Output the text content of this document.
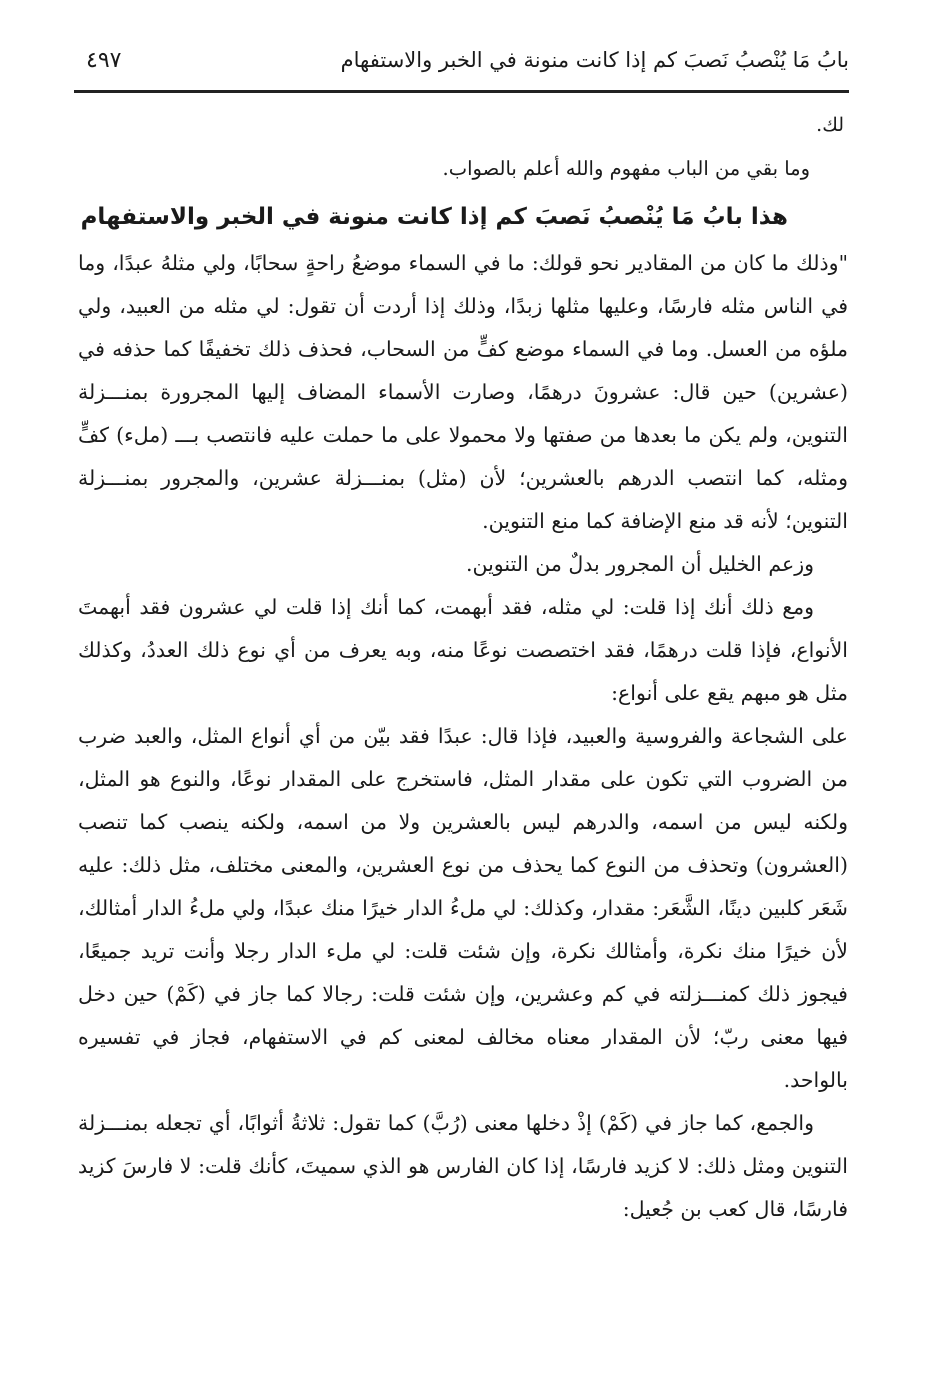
بابُ مَا يُنْصبُ نَصبَ كم إذا كانت منونة في الخبر والاستفهام
٤٩٧

لك.

وما بقي من الباب مفهوم والله أعلم بالصواب.

هذا بابُ مَا يُنْصبُ نَصبَ كم إذا كانت منونة في الخبر والاستفهام

"وذلك ما كان من المقادير نحو قولك: ما في السماء موضعُ راحةٍ سحابًا، ولي مثلهُ عبدًا، وما في الناس مثله فارسًا، وعليها مثلها زبدًا، وذلك إذا أردت أن تقول: لي مثله من العبيد، ولي ملؤه من العسل. وما في السماء موضع كفٍّ من السحاب، فحذف ذلك تخفيفًا كما حذفه في (عشرين) حين قال: عشرونَ درهمًا، وصارت الأسماء المضاف إليها المجرورة بمنـــزلة التنوين، ولم يكن ما بعدها من صفتها ولا محمولا على ما حملت عليه فانتصب بـــ (ملء) كفٍّ ومثله، كما انتصب الدرهم بالعشرين؛ لأن (مثل) بمنـــزلة عشرين، والمجرور بمنـــزلة التنوين؛ لأنه قد منع الإضافة كما منع التنوين.

وزعم الخليل أن المجرور بدلٌ من التنوين.

ومع ذلك أنك إذا قلت: لي مثله، فقد أبهمت، كما أنك إذا قلت لي عشرون فقد أبهمتَ الأنواع، فإذا قلت درهمًا، فقد اختصصت نوعًا منه، وبه يعرف من أي نوع ذلك العددُ، وكذلك مثل هو مبهم يقع على أنواع:

على الشجاعة والفروسية والعبيد، فإذا قال: عبدًا فقد بيّن من أي أنواع المثل، والعبد ضرب من الضروب التي تكون على مقدار المثل، فاستخرج على المقدار نوعًا، والنوع هو المثل، ولكنه ليس من اسمه، والدرهم ليس بالعشرين ولا من اسمه، ولكنه ينصب كما تنصب (العشرون) وتحذف من النوع كما يحذف من نوع العشرين، والمعنى مختلف، مثل ذلك: عليه شَعَر كلبين دينًا، الشَّعَر: مقدار، وكذلك: لي ملءُ الدار خيرًا منك عبدًا، ولي ملءُ الدار أمثالك، لأن خيرًا منك نكرة، وأمثالك نكرة، وإن شئت قلت: لي ملء الدار رجلا وأنت تريد جميعًا، فيجوز ذلك كمنـــزلته في كم وعشرين، وإن شئت قلت: رجالا كما جاز في (كَمْ) حين دخل فيها معنى ربّ؛ لأن المقدار معناه مخالف لمعنى كم في الاستفهام، فجاز في تفسيره بالواحد.

والجمع، كما جاز في (كَمْ) إذْ دخلها معنى (رُبَّ) كما تقول: ثلاثةُ أثوابًا، أي تجعله بمنـــزلة التنوين ومثل ذلك: لا كزيد فارسًا، إذا كان الفارس هو الذي سميتَ، كأنك قلت: لا فارسَ كزيد فارسًا، قال كعب بن جُعيل:
